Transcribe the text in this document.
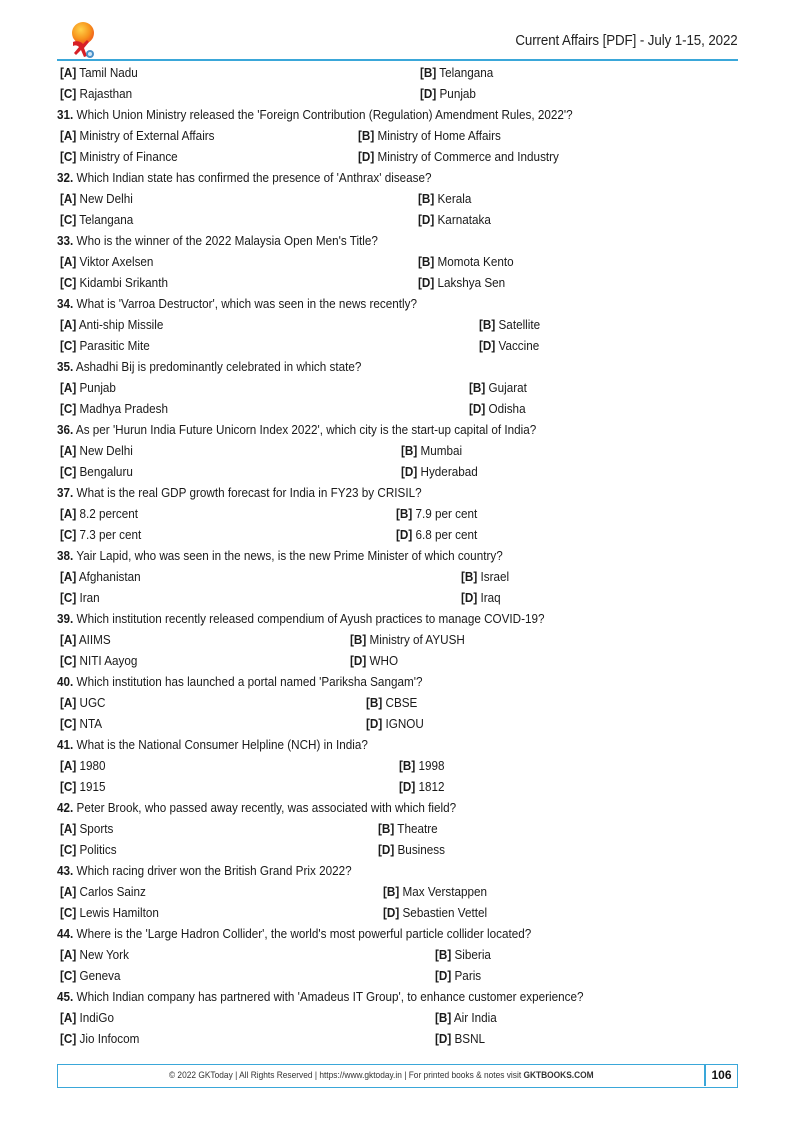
Current Affairs [PDF] - July 1-15, 2022
[A] Tamil Nadu	[B] Telangana
[C] Rajasthan	[D] Punjab
31. Which Union Ministry released the 'Foreign Contribution (Regulation) Amendment Rules, 2022'?
[A] Ministry of External Affairs	[B] Ministry of Home Affairs
[C] Ministry of Finance	[D] Ministry of Commerce and Industry
32. Which Indian state has confirmed the presence of 'Anthrax' disease?
[A] New Delhi	[B] Kerala
[C] Telangana	[D] Karnataka
33. Who is the winner of the 2022 Malaysia Open Men's Title?
[A] Viktor Axelsen	[B] Momota Kento
[C] Kidambi Srikanth	[D] Lakshya Sen
34. What is 'Varroa Destructor', which was seen in the news recently?
[A] Anti-ship Missile	[B] Satellite
[C] Parasitic Mite	[D] Vaccine
35. Ashadhi Bij is predominantly celebrated in which state?
[A] Punjab	[B] Gujarat
[C] Madhya Pradesh	[D] Odisha
36. As per 'Hurun India Future Unicorn Index 2022', which city is the start-up capital of India?
[A] New Delhi	[B] Mumbai
[C] Bengaluru	[D] Hyderabad
37. What is the real GDP growth forecast for India in FY23 by CRISIL?
[A] 8.2 percent	[B] 7.9 per cent
[C] 7.3 per cent	[D] 6.8 per cent
38. Yair Lapid, who was seen in the news, is the new Prime Minister of which country?
[A] Afghanistan	[B] Israel
[C] Iran	[D] Iraq
39. Which institution recently released compendium of Ayush practices to manage COVID-19?
[A] AIIMS	[B] Ministry of AYUSH
[C] NITI Aayog	[D] WHO
40. Which institution has launched a portal named 'Pariksha Sangam'?
[A] UGC	[B] CBSE
[C] NTA	[D] IGNOU
41. What is the National Consumer Helpline (NCH) in India?
[A] 1980	[B] 1998
[C] 1915	[D] 1812
42. Peter Brook, who passed away recently, was associated with which field?
[A] Sports	[B] Theatre
[C] Politics	[D] Business
43. Which racing driver won the British Grand Prix 2022?
[A] Carlos Sainz	[B] Max Verstappen
[C] Lewis Hamilton	[D] Sebastien Vettel
44. Where is the 'Large Hadron Collider', the world's most powerful particle collider located?
[A] New York	[B] Siberia
[C] Geneva	[D] Paris
45. Which Indian company has partnered with 'Amadeus IT Group', to enhance customer experience?
[A] IndiGo	[B] Air India
[C] Jio Infocom	[D] BSNL
© 2022 GKToday | All Rights Reserved | https://www.gktoday.in | For printed books & notes visit GKTBOOKS.COM	106
